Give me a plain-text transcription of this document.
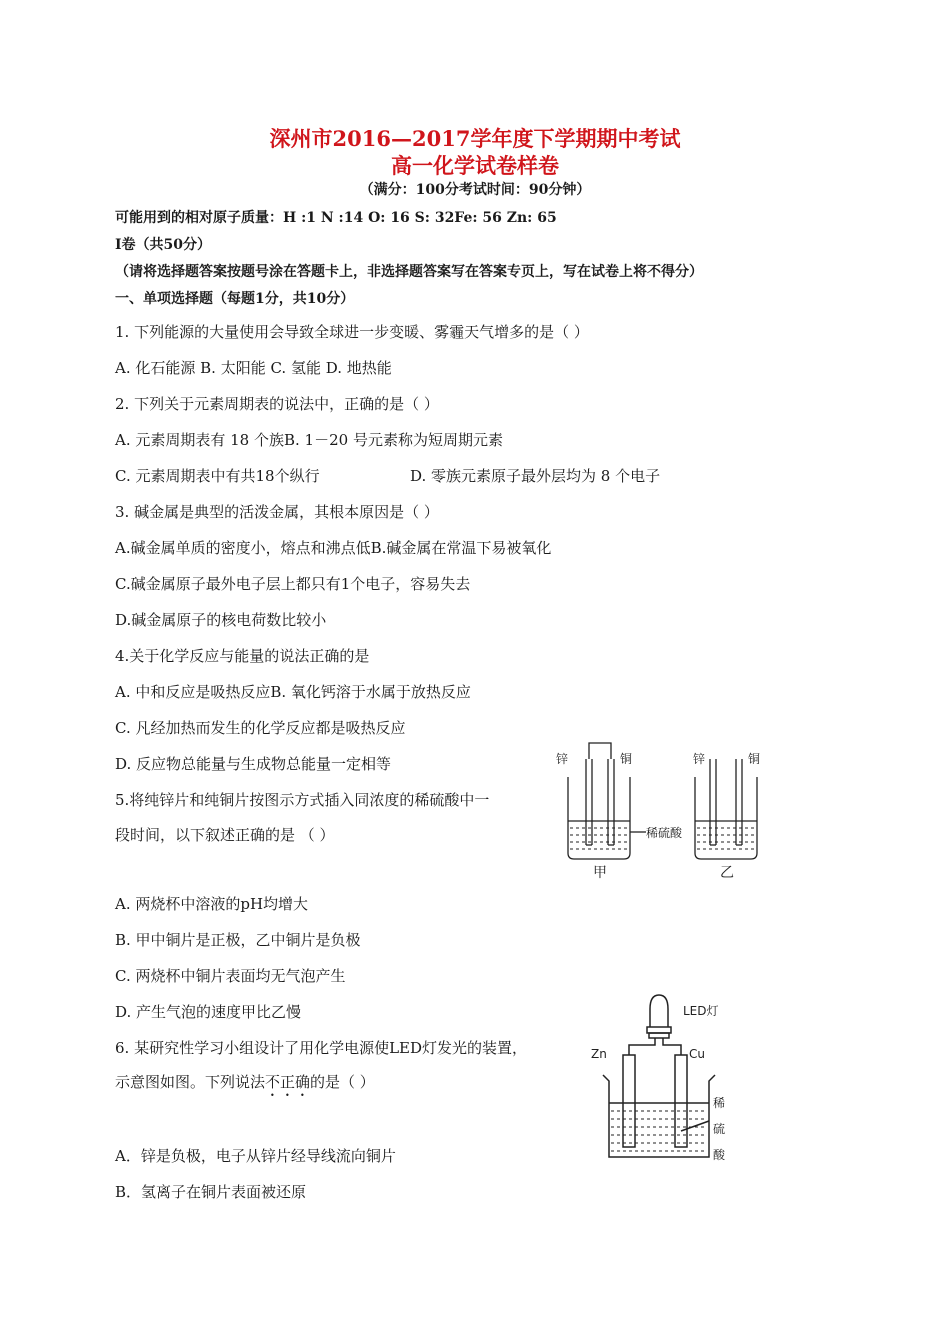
深州市2016—2017学年度下学期期中考试
高一化学试卷样卷
（满分：100分考试时间：90分钟）
可能用到的相对原子质量：H :1 N :14 O: 16 S: 32Fe: 56 Zn: 65
I卷（共50分）
（请将选择题答案按题号涂在答题卡上，非选择题答案写在答案专页上，写在试卷上将不得分）
一、单项选择题（每题1分，共10分）
1. 下列能源的大量使用会导致全球进一步变暖、雾霾天气增多的是（ ）
A. 化石能源 B. 太阳能 C. 氢能 D. 地热能
2. 下列关于元素周期表的说法中，正确的是（ ）
A. 元素周期表有 18 个族B. 1－20 号元素称为短周期元素
C. 元素周期表中有共18个纵行	D. 零族元素原子最外层均为 8 个电子
3. 碱金属是典型的活泼金属，其根本原因是（ ）
A.碱金属单质的密度小，熔点和沸点低B.碱金属在常温下易被氧化
C.碱金属原子最外电子层上都只有1个电子，容易失去
D.碱金属原子的核电荷数比较小
4.关于化学反应与能量的说法正确的是
A. 中和反应是吸热反应B. 氧化钙溶于水属于放热反应
C. 凡经加热而发生的化学反应都是吸热反应
D. 反应物总能量与生成物总能量一定相等
5.将纯锌片和纯铜片按图示方式插入同浓度的稀硫酸中一
段时间，以下叙述正确的是 （ ）
A. 两烧杯中溶液的pH均增大
B. 甲中铜片是正极，乙中铜片是负极
C. 两烧杯中铜片表面均无气泡产生
D. 产生气泡的速度甲比乙慢
锌	铜	锌	铜
稀硫酸
甲	乙
6. 某研究性学习小组设计了用化学电源使LED灯发光的装置，
示意图如图。下列说法不正确的是（ ）
A．锌是负极，电子从锌片经导线流向铜片
B．氢离子在铜片表面被还原
LED灯
Zn	Cu
稀
硫
酸
